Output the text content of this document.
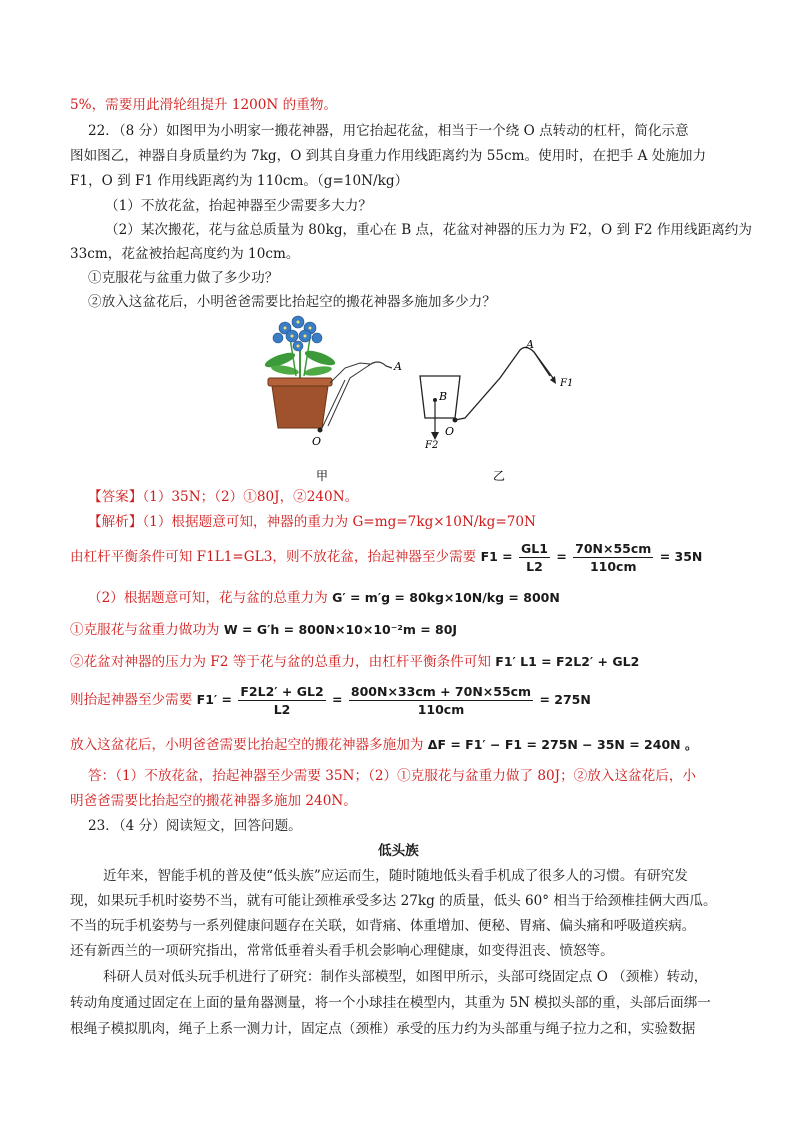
5%，需要用此滑轮组提升 1200N 的重物。
22．（8 分）如图甲为小明家一搬花神器，用它抬起花盆，相当于一个绕 O 点转动的杠杆，简化示意
图如图乙，神器自身质量约为 7kg，O 到其自身重力作用线距离约为 55cm。使用时，在把手 A 处施加力
F1，O 到 F1 作用线距离约为 110cm。（g=10N/kg）
（1）不放花盆，抬起神器至少需要多大力？
（2）某次搬花，花与盆总质量为 80kg，重心在 B 点，花盆对神器的压力为 F2，O 到 F2 作用线距离约为
33cm，花盆被抬起高度约为 10cm。
①克服花与盆重力做了多少功？
②放入这盆花后，小明爸爸需要比抬起空的搬花神器多施加多少力？
A
O
A
B
O
F1
F2
甲	乙
【答案】（1）35N；（2）①80J，②240N。
【解析】（1）根据题意可知，神器的重力为 G=mg=7kg×10N/kg=70N
由杠杆平衡条件可知 F1L1=GL3，则不放花盆，抬起神器至少需要 $F1 = \frac{GL1}{L2} = \frac{70N\times 55cm}{110cm} = 35N$
（2）根据题意可知，花与盆的总重力为 G′ = m′g = 80kg×10N/kg = 800N
①克服花与盆重力做功为 W = G′h = 800N×10×10⁻²m = 80J
②花盆对神器的压力为 F2 等于花与盆的总重力，由杠杆平衡条件可知 F1′ L1 = F2L2′ + GL2
则抬起神器至少需要 $F1' = \frac{F2L2' + GL2}{L2} = \frac{800N\times 33cm + 70N\times 55cm}{110cm} = 275N$
放入这盆花后，小明爸爸需要比抬起空的搬花神器多施加为 ΔF = F1′ − F1 = 275N − 35N = 240N 。
答：（1）不放花盆，抬起神器至少需要 35N；（2）①克服花与盆重力做了 80J；②放入这盆花后，小
明爸爸需要比抬起空的搬花神器多施加 240N。
23．（4 分）阅读短文，回答问题。
低头族
近年来，智能手机的普及使“低头族”应运而生，随时随地低头看手机成了很多人的习惯。有研究发
现，如果玩手机时姿势不当，就有可能让颈椎承受多达 27kg 的质量，低头 60° 相当于给颈椎挂俩大西瓜。
不当的玩手机姿势与一系列健康问题存在关联，如背痛、体重增加、便秘、胃痛、偏头痛和呼吸道疾病。
还有新西兰的一项研究指出，常常低垂着头看手机会影响心理健康，如变得沮丧、愤怒等。
科研人员对低头玩手机进行了研究：制作头部模型，如图甲所示，头部可绕固定点 O （颈椎）转动，
转动角度通过固定在上面的量角器测量，将一个小球挂在模型内，其重为 5N 模拟头部的重，头部后面绑一
根绳子模拟肌肉，绳子上系一测力计，固定点（颈椎）承受的压力约为头部重与绳子拉力之和，实验数据
